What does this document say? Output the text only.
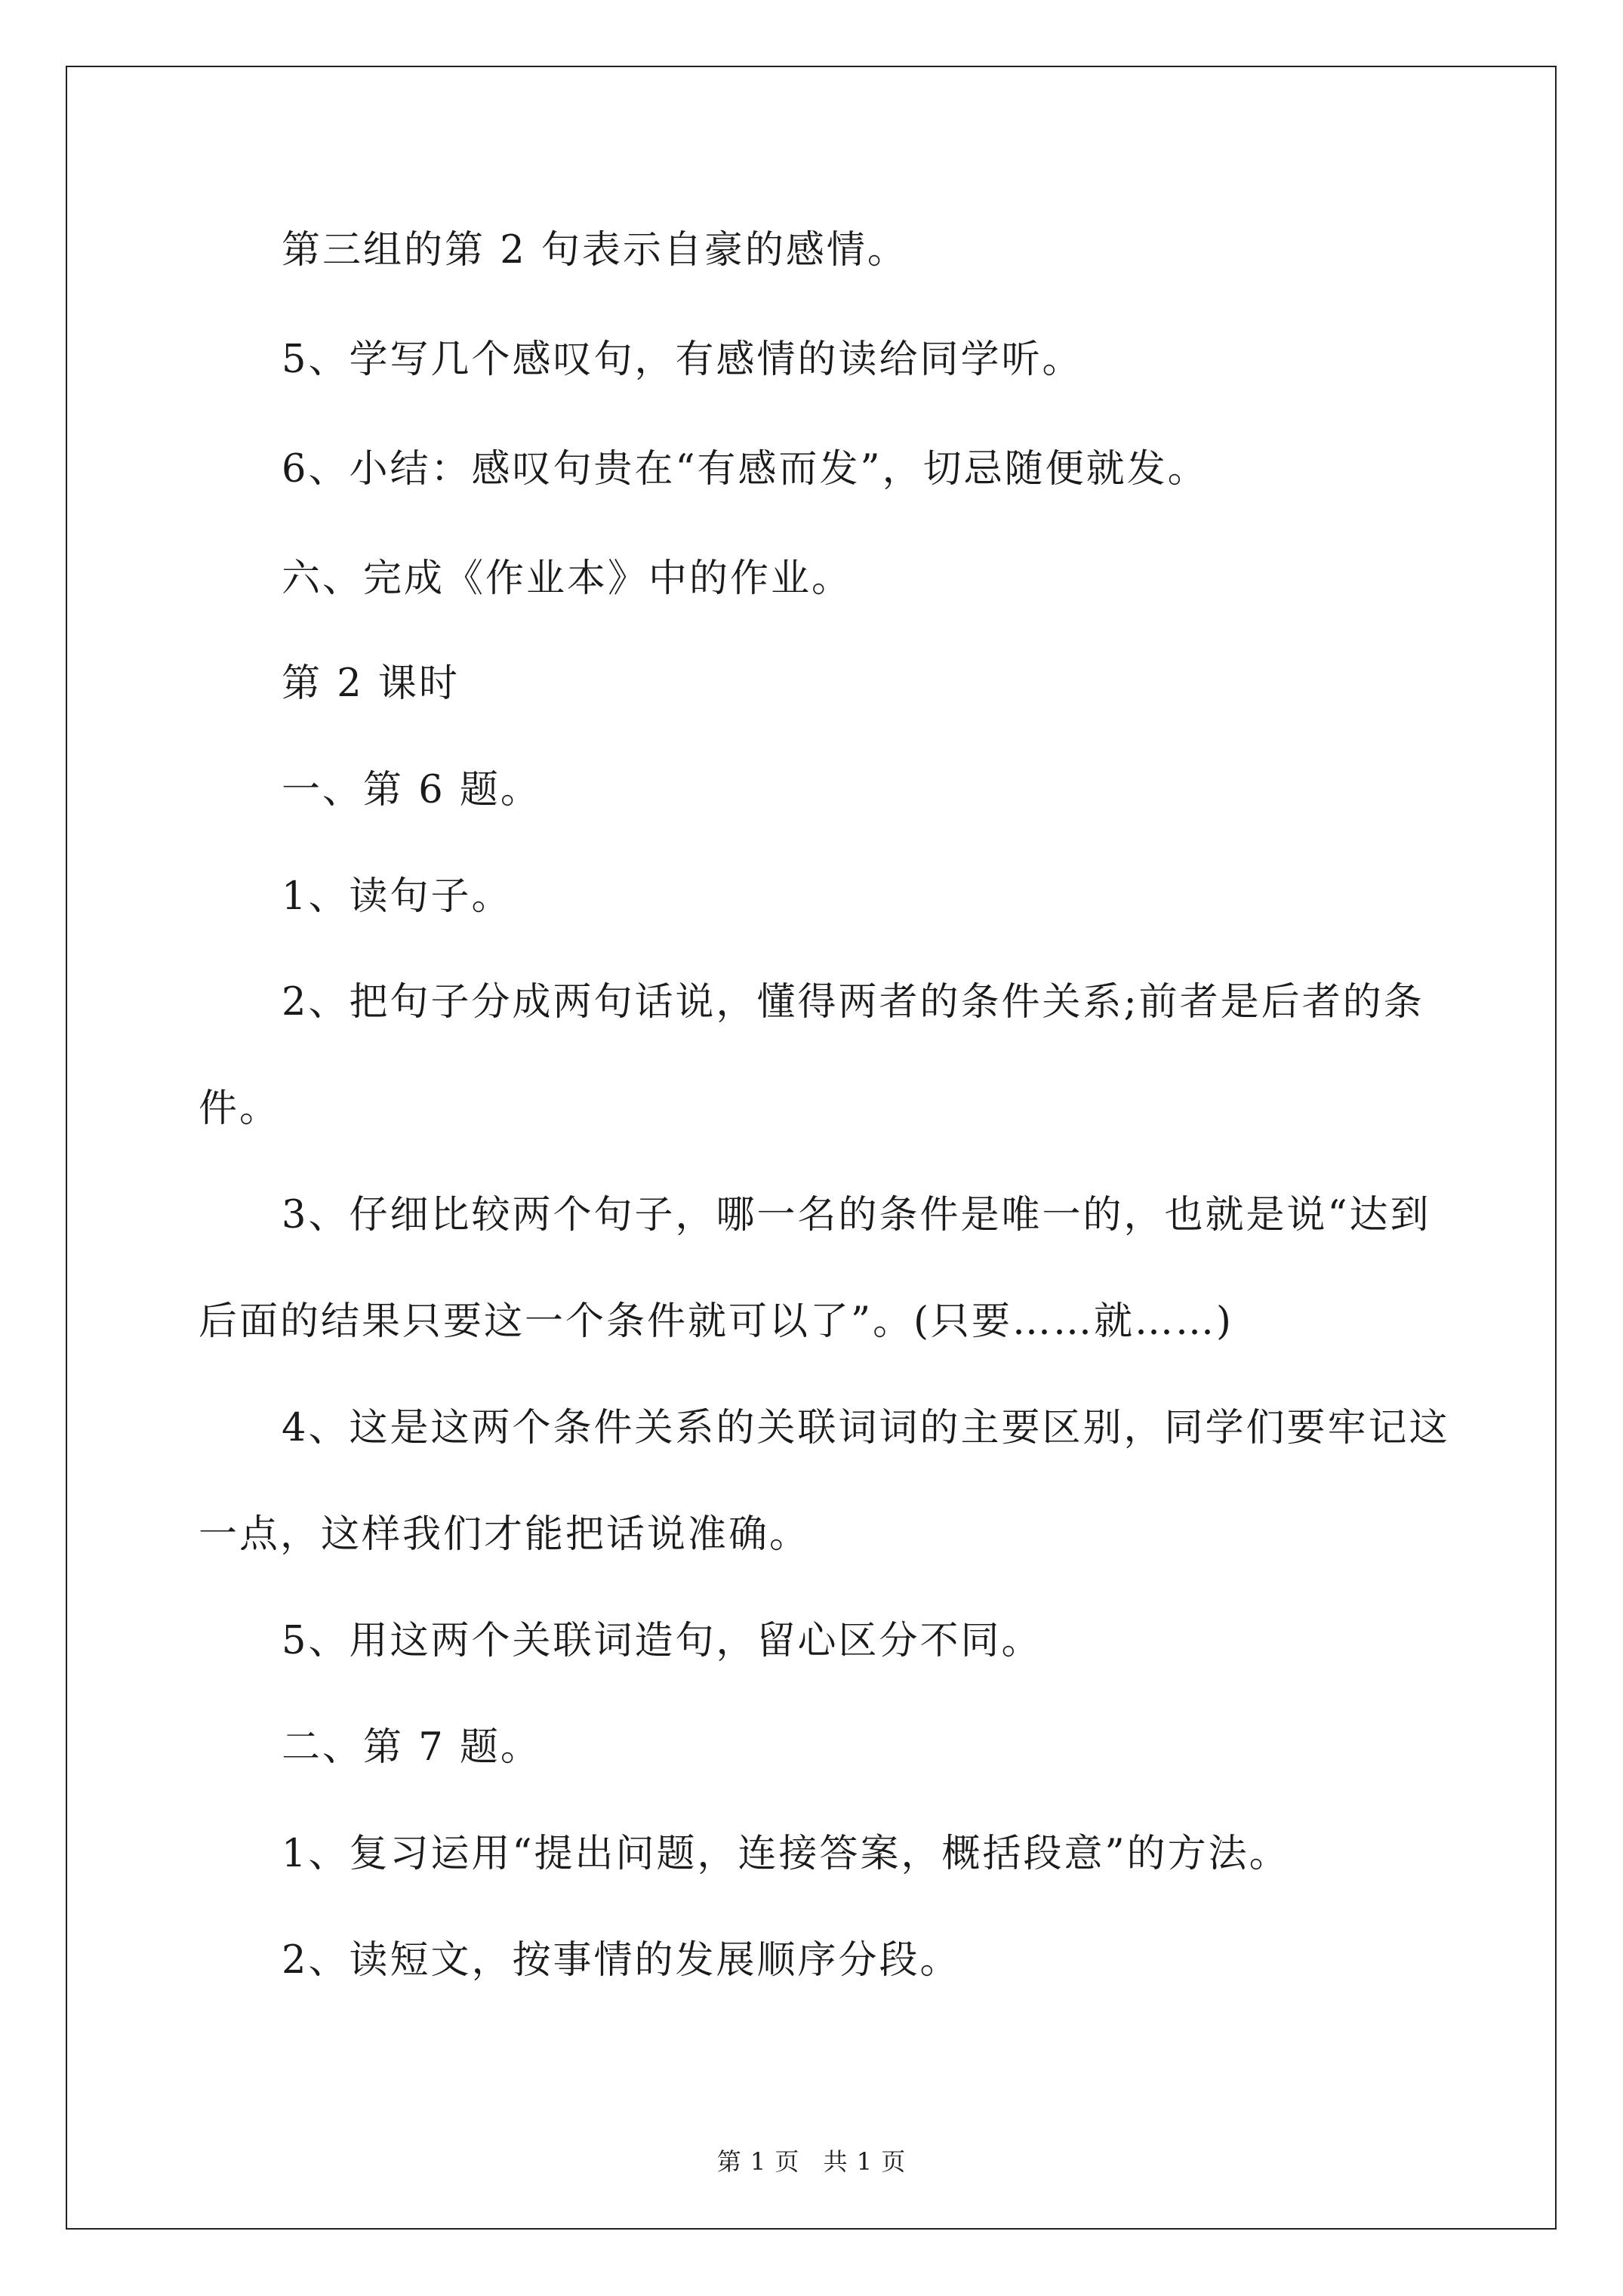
第三组的第 2 句表示自豪的感情。
5、学写几个感叹句，有感情的读给同学听。
6、小结：感叹句贵在“有感而发”，切忌随便就发。
六、完成《作业本》中的作业。
第 2 课时
一、第 6 题。
1、读句子。
2、把句子分成两句话说，懂得两者的条件关系;前者是后者的条
件。
3、仔细比较两个句子，哪一名的条件是唯一的，也就是说“达到
后面的结果只要这一个条件就可以了”。(只要……就……)
4、这是这两个条件关系的关联词词的主要区别，同学们要牢记这
一点，这样我们才能把话说准确。
5、用这两个关联词造句，留心区分不同。
二、第 7 题。
1、复习运用“提出问题，连接答案，概括段意”的方法。
2、读短文，按事情的发展顺序分段。
第 1 页 共 1 页
